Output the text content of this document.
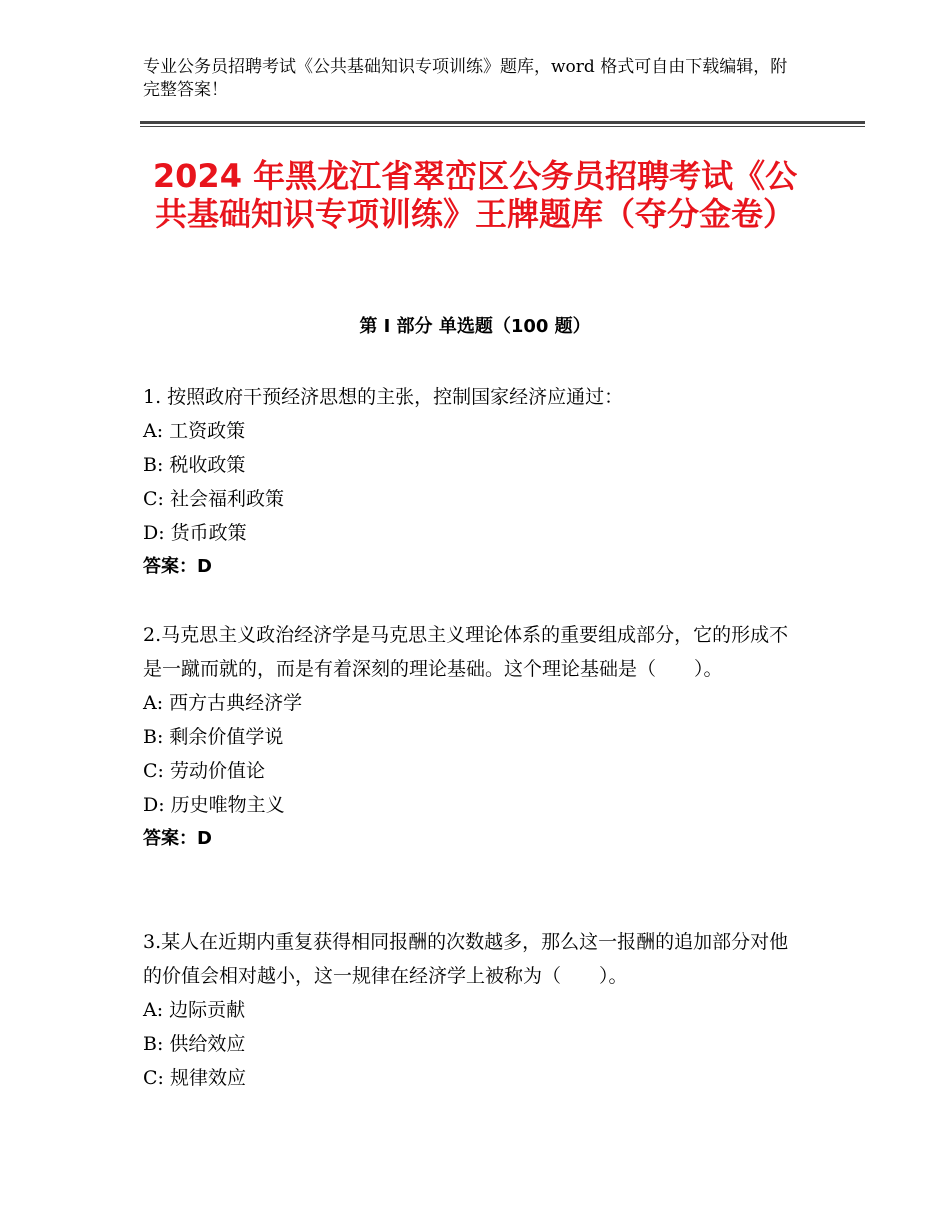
专业公务员招聘考试《公共基础知识专项训练》题库，word 格式可自由下载编辑，附完整答案！
2024 年黑龙江省翠峦区公务员招聘考试《公共基础知识专项训练》王牌题库（夺分金卷）
第 I 部分 单选题（100 题）
1. 按照政府干预经济思想的主张，控制国家经济应通过：
A: 工资政策
B: 税收政策
C: 社会福利政策
D: 货币政策
答案：D
2.马克思主义政治经济学是马克思主义理论体系的重要组成部分，它的形成不是一蹴而就的，而是有着深刻的理论基础。这个理论基础是（　　）。
A: 西方古典经济学
B: 剩余价值学说
C: 劳动价值论
D: 历史唯物主义
答案：D
3.某人在近期内重复获得相同报酬的次数越多，那么这一报酬的追加部分对他的价值会相对越小，这一规律在经济学上被称为（　　）。
A: 边际贡献
B: 供给效应
C: 规律效应
